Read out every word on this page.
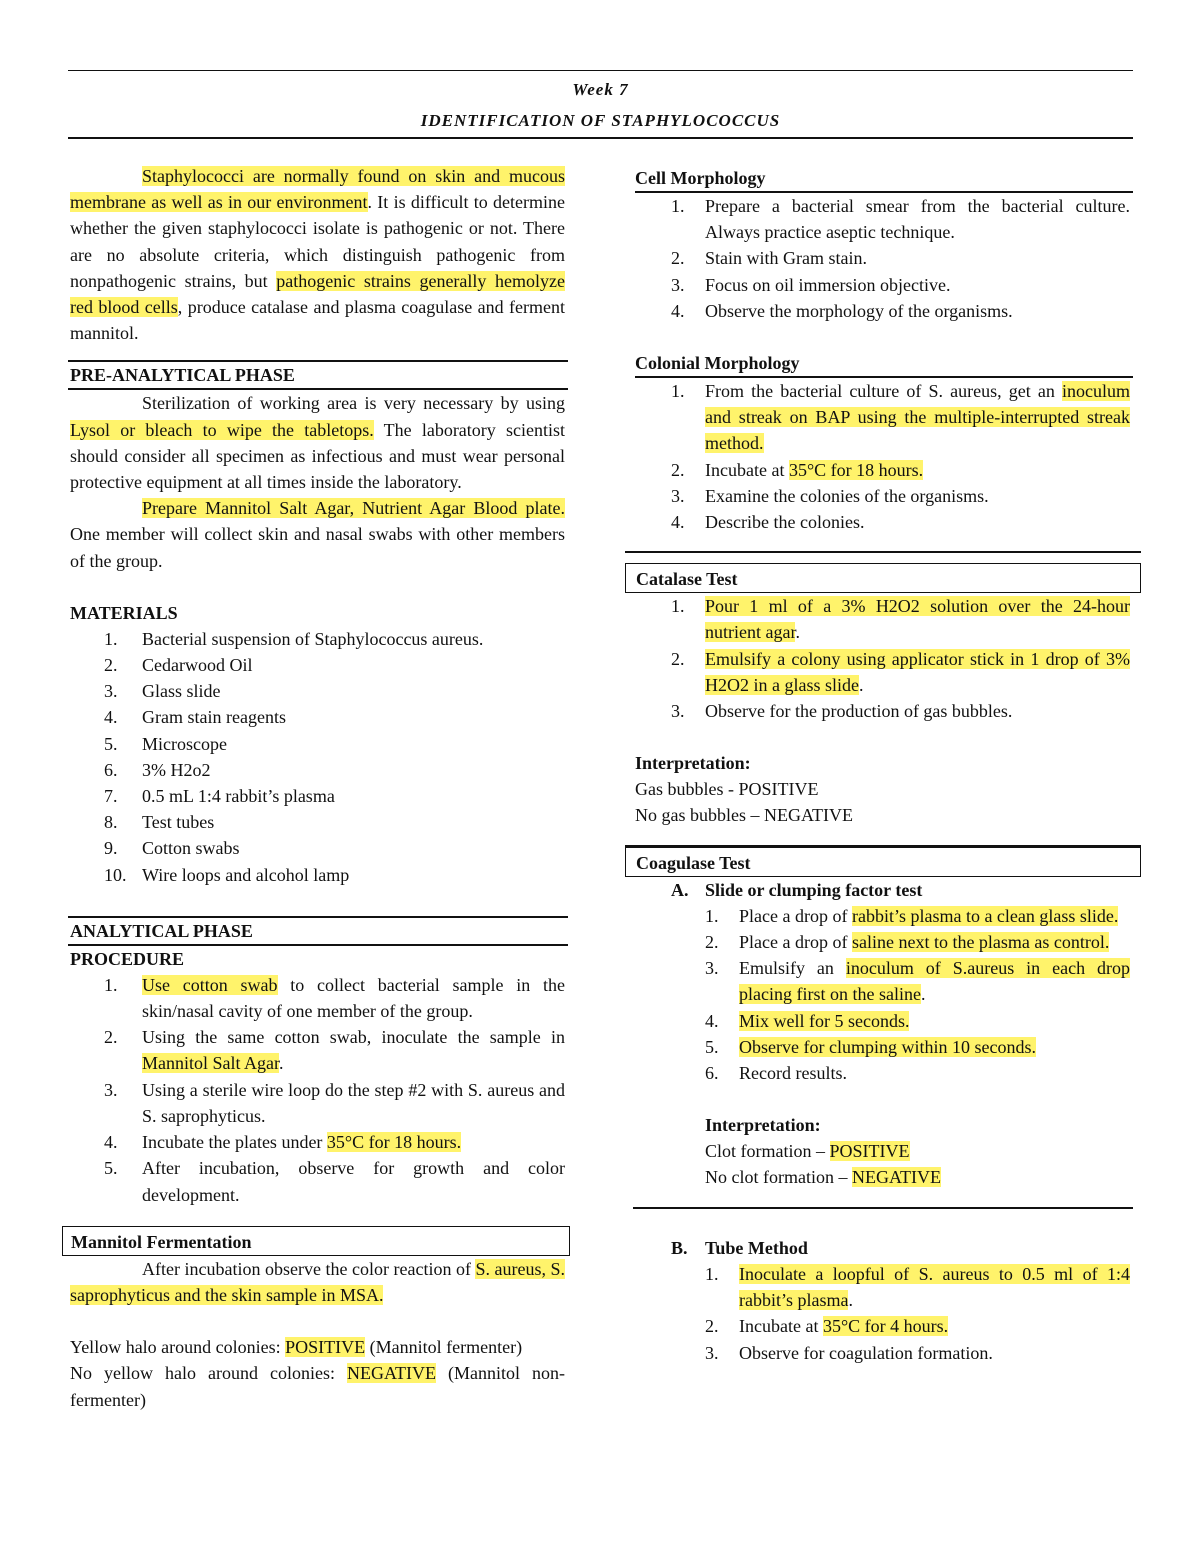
Week 7
IDENTIFICATION OF STAPHYLOCOCCUS

Staphylococci are normally found on skin and mucous membrane as well as in our environment. It is difficult to determine whether the given staphylococci isolate is pathogenic or not. There are no absolute criteria, which distinguish pathogenic from nonpathogenic strains, but pathogenic strains generally hemolyze red blood cells, produce catalase and plasma coagulase and ferment mannitol.

PRE-ANALYTICAL PHASE

Sterilization of working area is very necessary by using Lysol or bleach to wipe the tabletops. The laboratory scientist should consider all specimen as infectious and must wear personal protective equipment at all times inside the laboratory.

Prepare Mannitol Salt Agar, Nutrient Agar Blood plate. One member will collect skin and nasal swabs with other members of the group.

MATERIALS
1.	Bacterial suspension of Staphylococcus aureus.
2.	Cedarwood Oil
3.	Glass slide
4.	Gram stain reagents
5.	Microscope
6.	3% H2o2
7.	0.5 mL 1:4 rabbit’s plasma
8.	Test tubes
9.	Cotton swabs
10. Wire loops and alcohol lamp
ANALYTICAL PHASE
PROCEDURE
1.	Use cotton swab to collect bacterial sample in the skin/nasal cavity of one member of the group.
2.	Using the same cotton swab, inoculate the sample in Mannitol Salt Agar.
3.	Using a sterile wire loop do the step #2 with S. aureus and S. saprophyticus.
4.	Incubate the plates under 35°C for 18 hours.
5.	After incubation, observe for growth and color development.
Mannitol Fermentation

After incubation observe the color reaction of S. aureus, S. saprophyticus and the skin sample in MSA.

Yellow halo around colonies: POSITIVE (Mannitol fermenter)

No yellow halo around colonies: NEGATIVE (Mannitol non-fermenter)

Cell Morphology
1.	Prepare a bacterial smear from the bacterial culture. Always practice aseptic technique.
2.	Stain with Gram stain.
3.	Focus on oil immersion objective.
4.	Observe the morphology of the organisms.
Colonial Morphology
1.	From the bacterial culture of S. aureus, get an inoculum and streak on BAP using the multiple-interrupted streak method.
2.	Incubate at 35°C for 18 hours.
3.	Examine the colonies of the organisms.
4.	Describe the colonies.
Catalase Test
1.	Pour 1 ml of a 3% H2O2 solution over the 24-hour nutrient agar.
2.	Emulsify a colony using applicator stick in 1 drop of 3% H2O2 in a glass slide.
3.	Observe for the production of gas bubbles.
Interpretation:

Gas bubbles - POSITIVE

No gas bubbles – NEGATIVE

Coagulase Test
A. Slide or clumping factor test
1.	Place a drop of rabbit’s plasma to a clean glass slide.
2.	Place a drop of saline next to the plasma as control.
3.	Emulsify an inoculum of S.aureus in each drop placing first on the saline.
4.	Mix well for 5 seconds.
5.	Observe for clumping within 10 seconds.
6.	Record results.
Interpretation:

Clot formation – POSITIVE

No clot formation – NEGATIVE

B. Tube Method
1.	Inoculate a loopful of S. aureus to 0.5 ml of 1:4 rabbit’s plasma.
2.	Incubate at 35°C for 4 hours.
3.	Observe for coagulation formation.
